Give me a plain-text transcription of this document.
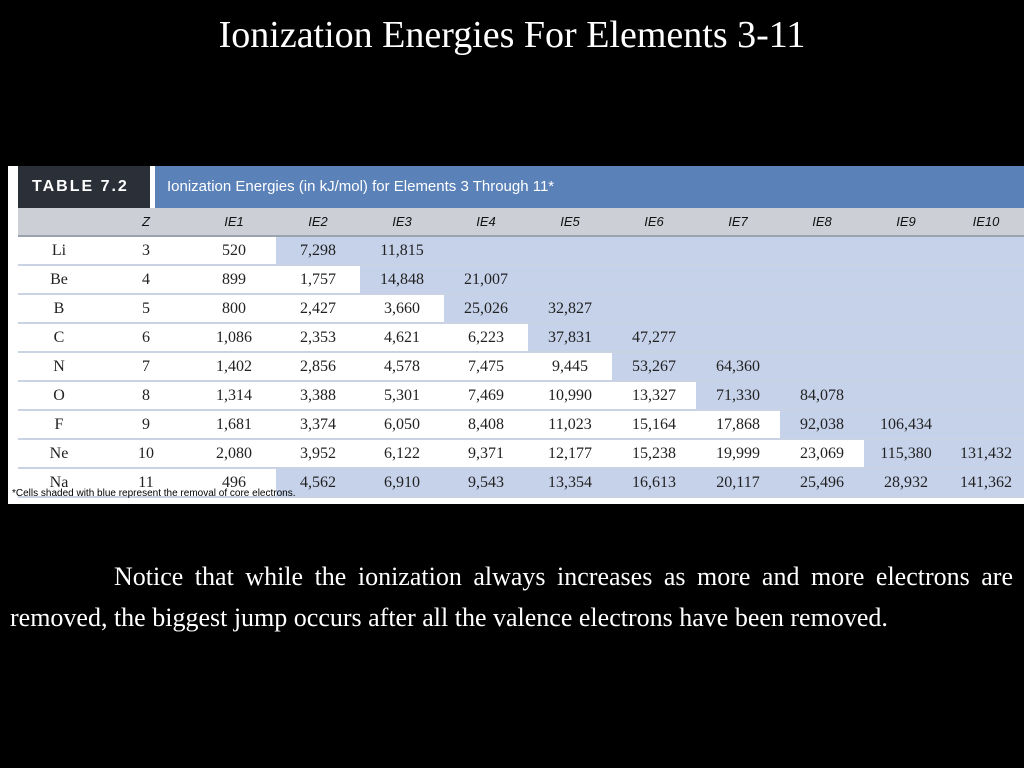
Ionization Energies For Elements 3-11
TABLE 7.2	Ionization Energies (in kJ/mol) for Elements 3 Through 11*
	Z	IE1	IE2	IE3	IE4	IE5	IE6	IE7	IE8	IE9	IE10
Li	3	520	7,298	11,815							
Be	4	899	1,757	14,848	21,007						
B	5	800	2,427	3,660	25,026	32,827					
C	6	1,086	2,353	4,621	6,223	37,831	47,277				
N	7	1,402	2,856	4,578	7,475	9,445	53,267	64,360			
O	8	1,314	3,388	5,301	7,469	10,990	13,327	71,330	84,078		
F	9	1,681	3,374	6,050	8,408	11,023	15,164	17,868	92,038	106,434	
Ne	10	2,080	3,952	6,122	9,371	12,177	15,238	19,999	23,069	115,380	131,432
Na	11	496	4,562	6,910	9,543	13,354	16,613	20,117	25,496	28,932	141,362
*Cells shaded with blue represent the removal of core electrons.
Notice that while the ionization always increases as more and more electrons are removed, the biggest jump occurs after all the valence electrons have been removed.
